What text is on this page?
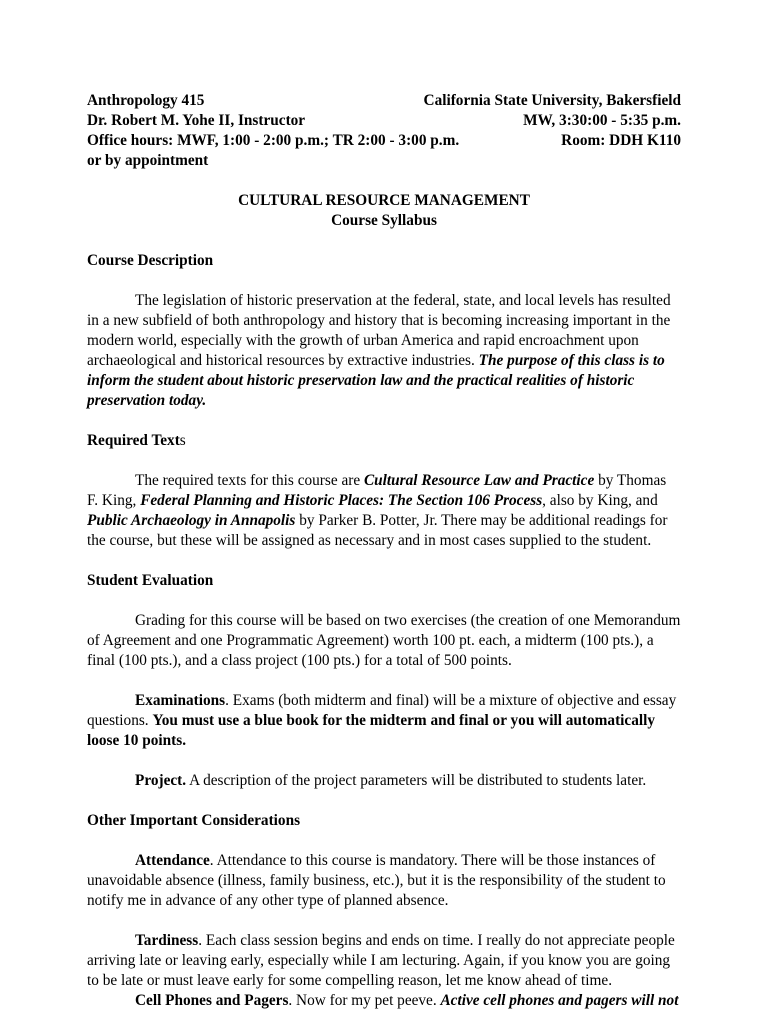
Anthropology 415	California State University, Bakersfield
Dr. Robert M. Yohe II, Instructor	MW, 3:30:00 - 5:35 p.m.
Office hours: MWF, 1:00 - 2:00 p.m.; TR 2:00 - 3:00 p.m.	Room: DDH K110
or by appointment
CULTURAL RESOURCE MANAGEMENT
Course Syllabus
Course Description
The legislation of historic preservation at the federal, state, and local levels has resulted in a new subfield of both anthropology and history that is becoming increasing important in the modern world, especially with the growth of urban America and rapid encroachment upon archaeological and historical resources by extractive industries. The purpose of this class is to inform the student about historic preservation law and the practical realities of historic preservation today.
Required Texts
The required texts for this course are Cultural Resource Law and Practice by Thomas F. King, Federal Planning and Historic Places: The Section 106 Process, also by King, and Public Archaeology in Annapolis by Parker B. Potter, Jr. There may be additional readings for the course, but these will be assigned as necessary and in most cases supplied to the student.
Student Evaluation
Grading for this course will be based on two exercises (the creation of one Memorandum of Agreement and one Programmatic Agreement) worth 100 pt. each, a midterm (100 pts.), a final (100 pts.), and a class project (100 pts.) for a total of 500 points.
Examinations. Exams (both midterm and final) will be a mixture of objective and essay questions. You must use a blue book for the midterm and final or you will automatically loose 10 points.
Project. A description of the project parameters will be distributed to students later.
Other Important Considerations
Attendance. Attendance to this course is mandatory. There will be those instances of unavoidable absence (illness, family business, etc.), but it is the responsibility of the student to notify me in advance of any other type of planned absence.
Tardiness. Each class session begins and ends on time. I really do not appreciate people arriving late or leaving early, especially while I am lecturing. Again, if you know you are going to be late or must leave early for some compelling reason, let me know ahead of time.
Cell Phones and Pagers. Now for my pet peeve. Active cell phones and pagers will not
